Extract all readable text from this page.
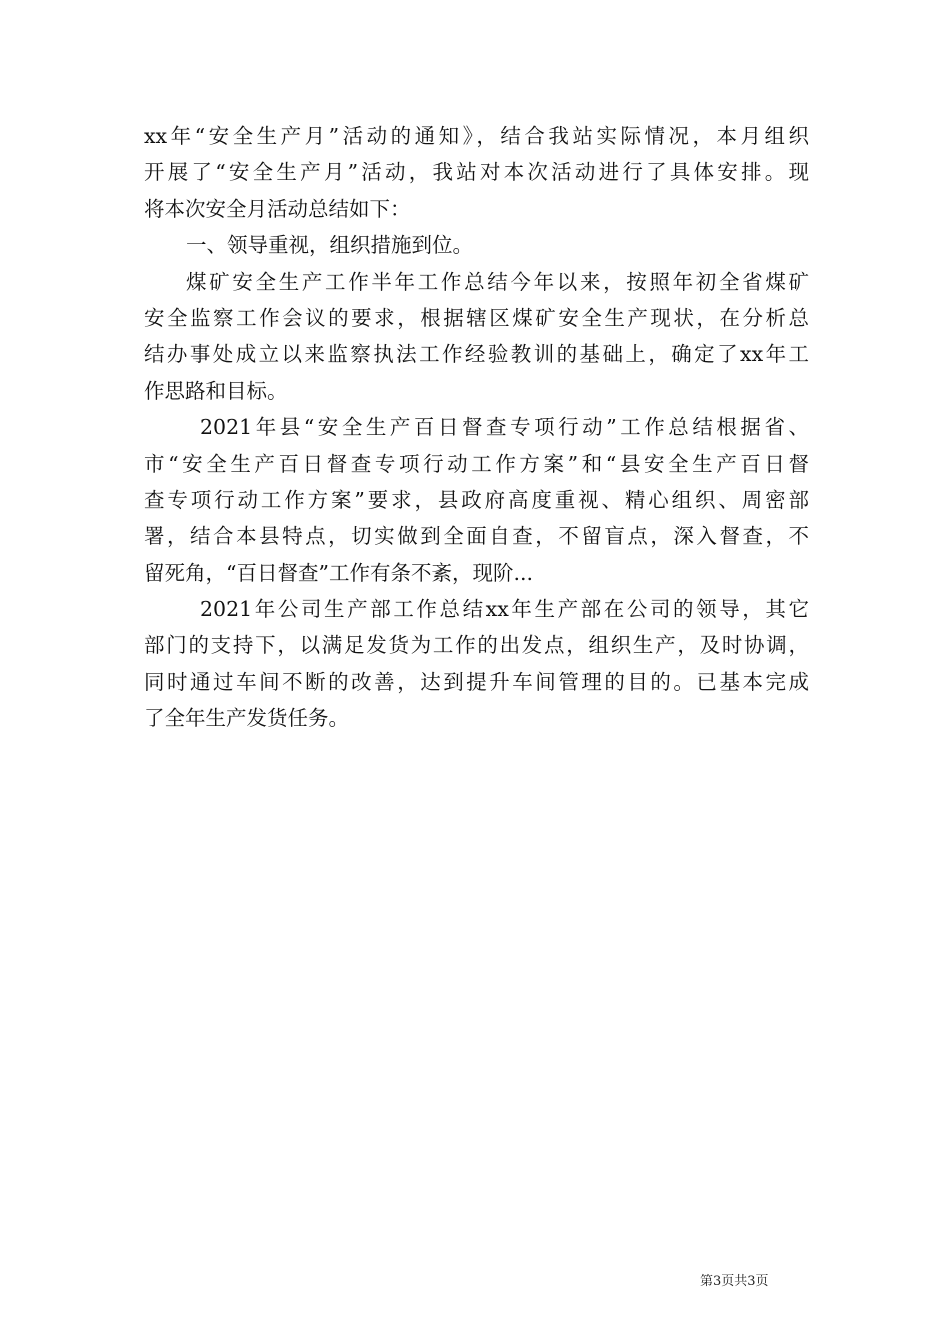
xx年“安全生产月”活动的通知》，结合我站实际情况，本月组织
开展了“安全生产月”活动，我站对本次活动进行了具体安排。现
将本次安全月活动总结如下：
一、领导重视，组织措施到位。
煤矿安全生产工作半年工作总结今年以来，按照年初全省煤矿
安全监察工作会议的要求，根据辖区煤矿安全生产现状，在分析总
结办事处成立以来监察执法工作经验教训的基础上，确定了xx年工
作思路和目标。
2021年县“安全生产百日督查专项行动”工作总结根据省、
市“安全生产百日督查专项行动工作方案”和“县安全生产百日督
查专项行动工作方案”要求，县政府高度重视、精心组织、周密部
署，结合本县特点，切实做到全面自查，不留盲点，深入督查，不
留死角，“百日督查”工作有条不紊，现阶...
2021年公司生产部工作总结xx年生产部在公司的领导，其它
部门的支持下，以满足发货为工作的出发点，组织生产，及时协调，
同时通过车间不断的改善，达到提升车间管理的目的。已基本完成
了全年生产发货任务。
第3页共3页
